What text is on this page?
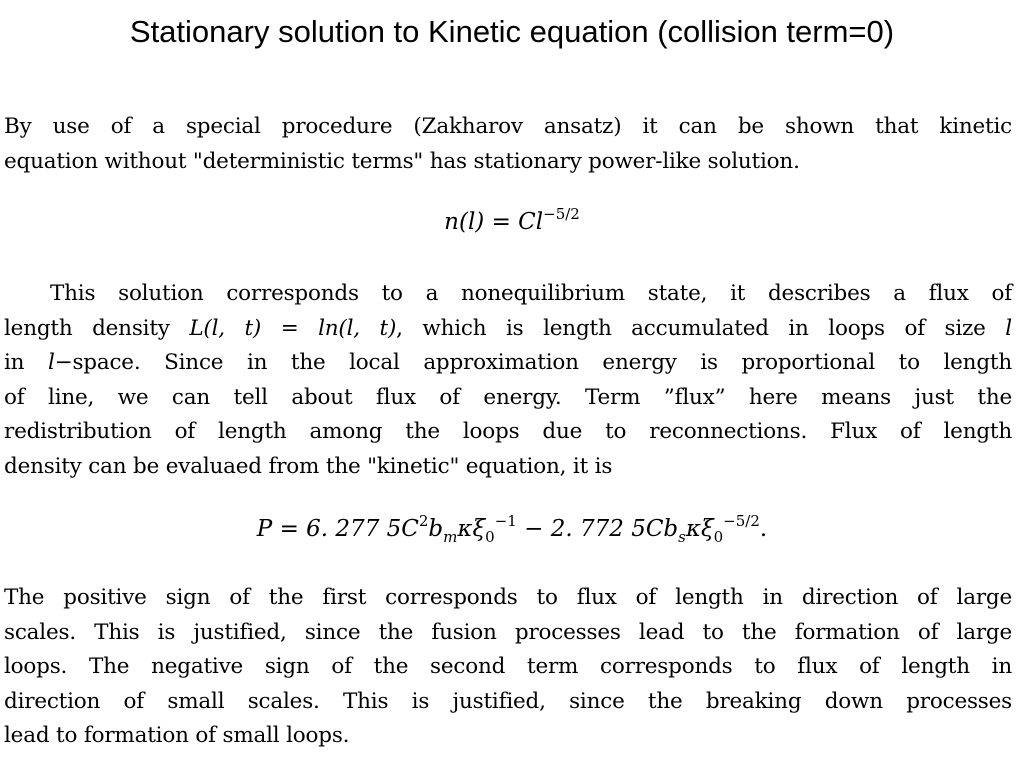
Stationary solution to Kinetic equation (collision term=0)
By use of a special procedure (Zakharov ansatz) it can be shown that kinetic
equation without "deterministic terms" has stationary power-like solution.
$n(l) = Cl^{-5/2}$
This solution corresponds to a nonequilibrium state, it describes a flux of
length density L(l, t) = ln(l, t), which is length accumulated in loops of size l
in l−space. Since in the local approximation energy is proportional to length
of line, we can tell about flux of energy. Term ”flux” here means just the
redistribution of length among the loops due to reconnections. Flux of length
density can be evaluaed from the "kinetic" equation, it is
P = 6. 277 $5C^2b_m\kappa\xi_0^{-1} - 2$. 772 $5Cb_s\kappa\xi_0^{-5/2}$.
The positive sign of the first corresponds to flux of length in direction of large
scales. This is justified, since the fusion processes lead to the formation of large
loops. The negative sign of the second term corresponds to flux of length in
direction of small scales. This is justified, since the breaking down processes
lead to formation of small loops.
